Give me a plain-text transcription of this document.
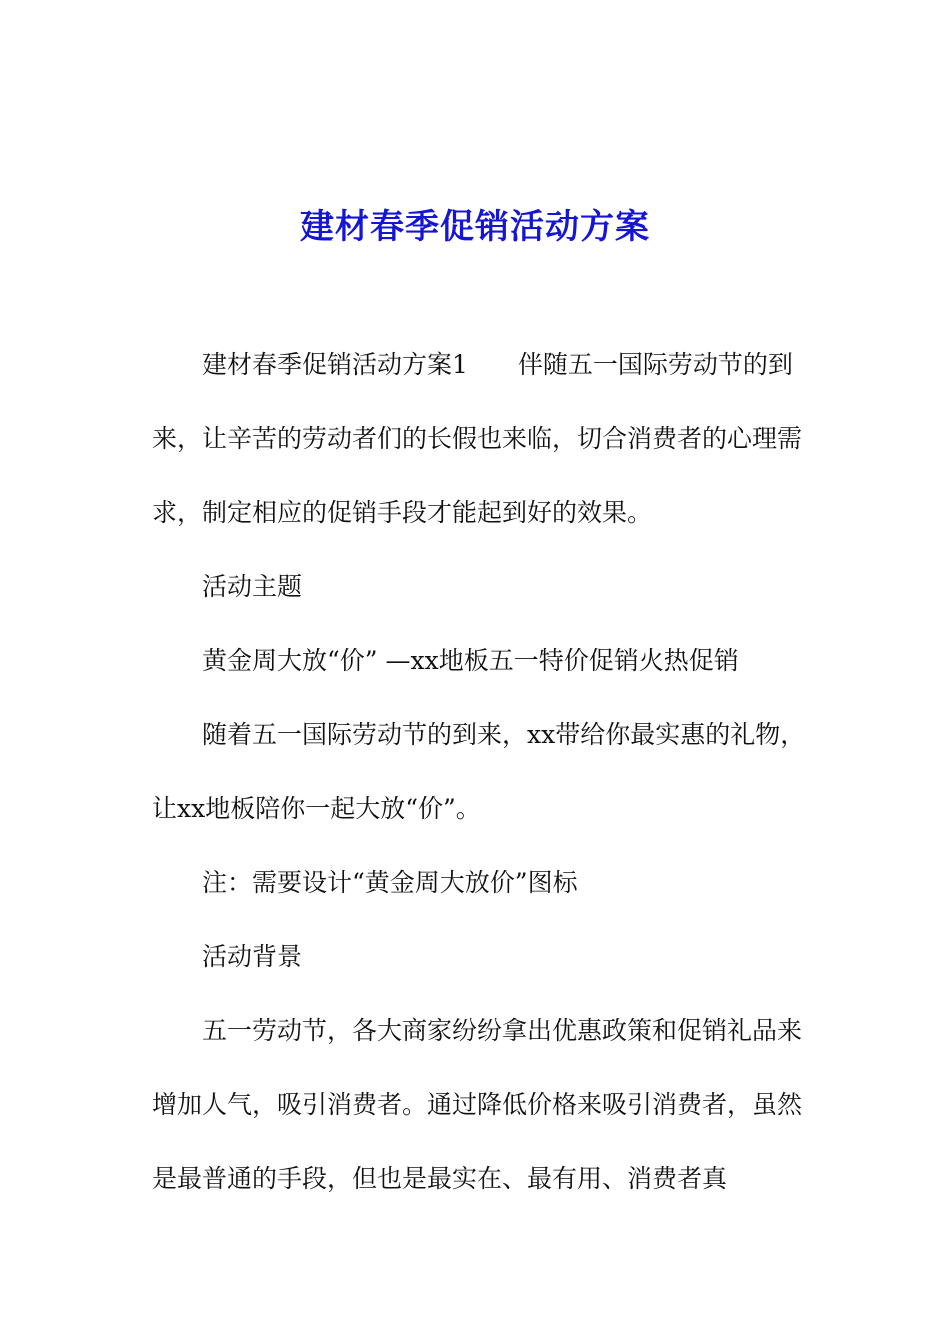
建材春季促销活动方案

建材春季促销活动方案1　　伴随五一国际劳动节的到来，让辛苦的劳动者们的长假也来临，切合消费者的心理需求，制定相应的促销手段才能起到好的效果。

活动主题

黄金周大放“价” —xx地板五一特价促销火热促销

随着五一国际劳动节的到来，xx带给你最实惠的礼物，让xx地板陪你一起大放“价”。

注：需要设计“黄金周大放价”图标

活动背景

五一劳动节，各大商家纷纷拿出优惠政策和促销礼品来增加人气，吸引消费者。通过降低价格来吸引消费者，虽然是最普通的手段，但也是最实在、最有用、消费者真
